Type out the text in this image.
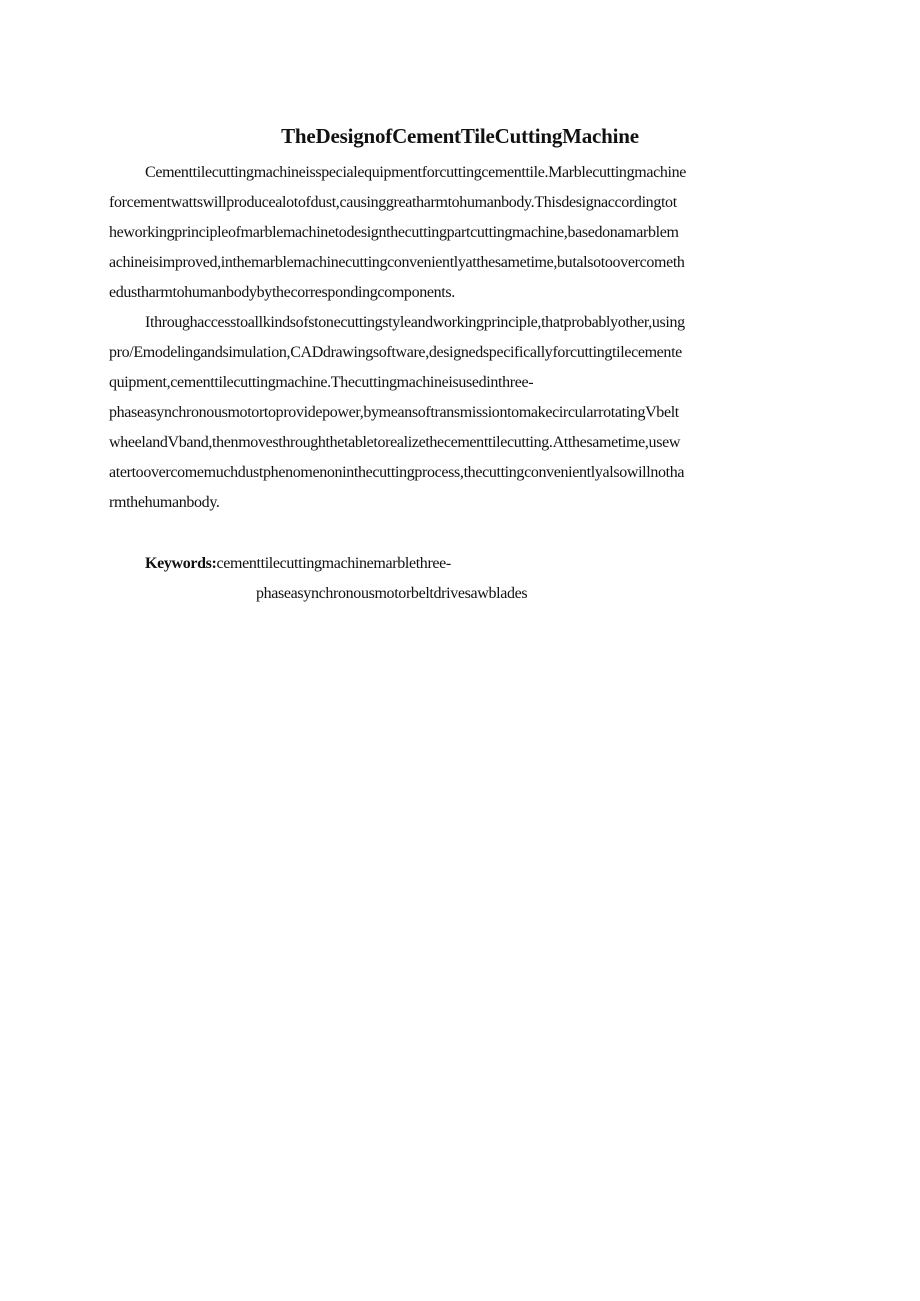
TheDesignofCementTileCuttingMachine
Cementtilecuttingmachineisspecialequipmentforcuttingcementtile.Marblecuttingmachine
forcementwattswillproducealotofdust,causinggreatharmtohumanbody.Thisdesignaccordingtot
heworkingprincipleofmarblemachinetodesignthecuttingpartcuttingmachine,basedonamarblem
achineisimproved,inthemarblemachinecuttingconvenientlyatthesametime,butalsotoovercometh
edustharmtohumanbodybythecorrespondingcomponents.
Ithroughaccesstoallkindsofstonecuttingstyleandworkingprinciple,thatprobablyother,using
pro/Emodelingandsimulation,CADdrawingsoftware,designedspecificallyforcuttingtilecemente
quipment,cementtilecuttingmachine.Thecuttingmachineisusedinthree-
phaseasynchronousmotortoprovidepower,bymeansoftransmissiontomakecircularrotatingVbelt
wheelandVband,thenmovesthroughthetabletorealizethecementtilecutting.Atthesametime,usew
atertoovercomemuchdustphenomenoninthecuttingprocess,thecuttingconvenientlyalsowillnotha
rmthehumanbody.
Keywords:cementtilecuttingmachinemarblethree-
phaseasynchronousmotorbeltdrivesawblades
